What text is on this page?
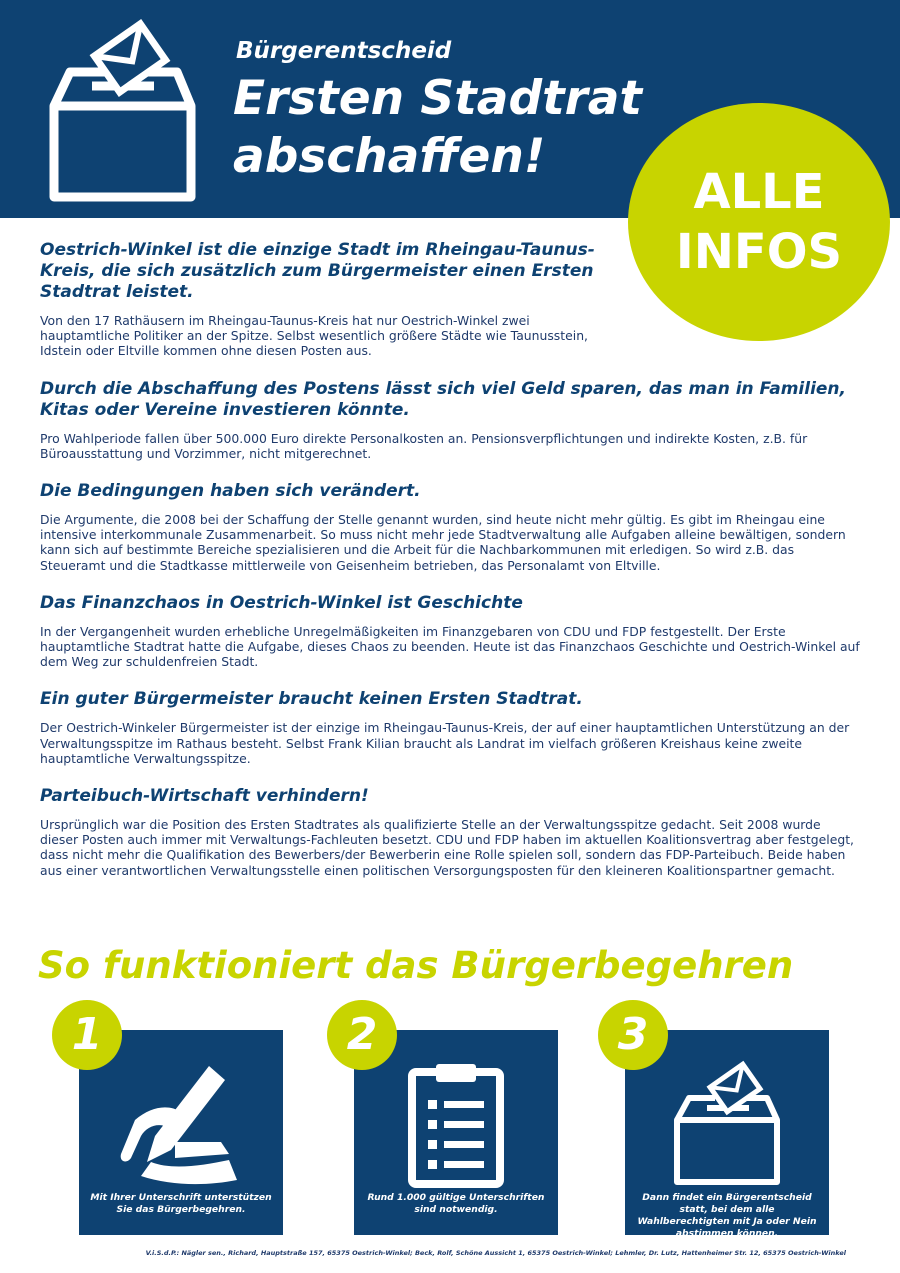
Bürgerentscheid
Ersten Stadtrat abschaffen!
ALLE
INFOS
Oestrich-Winkel ist die einzige Stadt im Rheingau-Taunus-Kreis, die sich zusätzlich zum Bürgermeister einen Ersten Stadtrat leistet.

Von den 17 Rathäusern im Rheingau-Taunus-Kreis hat nur Oestrich-Winkel zwei hauptamtliche Politiker an der Spitze. Selbst wesentlich größere Städte wie Taunusstein, Idstein oder Eltville kommen ohne diesen Posten aus.

Durch die Abschaffung des Postens lässt sich viel Geld sparen, das man in Familien, Kitas oder Vereine investieren könnte.

Pro Wahlperiode fallen über 500.000 Euro direkte Personalkosten an. Pensionsverpflichtungen und indirekte Kosten, z.B. für Büroausstattung und Vorzimmer, nicht mitgerechnet.

Die Bedingungen haben sich verändert.

Die Argumente, die 2008 bei der Schaffung der Stelle genannt wurden, sind heute nicht mehr gültig. Es gibt im Rheingau eine intensive interkommunale Zusammenarbeit. So muss nicht mehr jede Stadtverwaltung alle Aufgaben alleine bewältigen, sondern kann sich auf bestimmte Bereiche spezialisieren und die Arbeit für die Nachbarkommunen mit erledigen. So wird z.B. das Steueramt und die Stadtkasse mittlerweile von Geisenheim betrieben, das Personalamt von Eltville.

Das Finanzchaos in Oestrich-Winkel ist Geschichte

In der Vergangenheit wurden erhebliche Unregelmäßigkeiten im Finanzgebaren von CDU und FDP festgestellt. Der Erste hauptamtliche Stadtrat hatte die Aufgabe, dieses Chaos zu beenden. Heute ist das Finanzchaos Geschichte und Oestrich-Winkel auf dem Weg zur schuldenfreien Stadt.

Ein guter Bürgermeister braucht keinen Ersten Stadtrat.

Der Oestrich-Winkeler Bürgermeister ist der einzige im Rheingau-Taunus-Kreis, der auf einer hauptamtlichen Unterstützung an der Verwaltungsspitze im Rathaus besteht. Selbst Frank Kilian braucht als Landrat im vielfach größeren Kreishaus keine zweite hauptamtliche Verwaltungsspitze.

Parteibuch-Wirtschaft verhindern!

Ursprünglich war die Position des Ersten Stadtrates als qualifizierte Stelle an der Verwaltungsspitze gedacht. Seit 2008 wurde dieser Posten auch immer mit Verwaltungs-Fachleuten besetzt. CDU und FDP haben im aktuellen Koalitionsvertrag aber festgelegt, dass nicht mehr die Qualifikation des Bewerbers/der Bewerberin eine Rolle spielen soll, sondern das FDP-Parteibuch. Beide haben aus einer verantwortlichen Verwaltungsstelle einen politischen Versorgungsposten für den kleineren Koalitionspartner gemacht.

So funktioniert das Bürgerbegehren
Mit Ihrer Unterschrift unterstützen Sie das Bürgerbegehren.
1
Rund 1.000 gültige Unterschriften sind notwendig.
2
Dann findet ein Bürgerentscheid statt, bei dem alle Wahlberechtigten mit Ja oder Nein abstimmen können.
3
V.i.S.d.P.: Nägler sen., Richard, Hauptstraße 157, 65375 Oestrich-Winkel; Beck, Rolf, Schöne Aussicht 1, 65375 Oestrich-Winkel; Lehmler, Dr. Lutz, Hattenheimer Str. 12, 65375 Oestrich-Winkel
